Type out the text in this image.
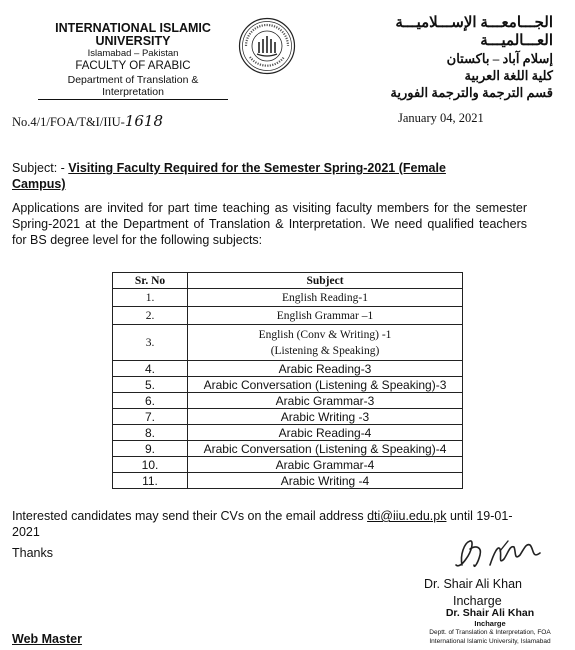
INTERNATIONAL ISLAMIC UNIVERSITY
Islamabad – Pakistan
FACULTY OF ARABIC
Department of Translation & Interpretation
الجـــامعـــة الإســـلاميـــة العـــالميـــة
إسلام آباد – باكستان
كلية اللغة العربية
قسم الترجمة والترجمة الفورية
No.4/1/FOA/T&I/IIU-1618	January 04, 2021
Subject: - Visiting Faculty Required for the Semester Spring-2021 (Female Campus)
Applications are invited for part time teaching as visiting faculty members for the semester Spring-2021 at the Department of Translation & Interpretation. We need qualified teachers for BS degree level for the following subjects:
Sr. No	Subject
1.	English Reading-1
2.	English Grammar –1
3.	English (Conv & Writing) -1
(Listening & Speaking)

4.	Arabic Reading-3
5.	Arabic Conversation (Listening & Speaking)-3
6.	Arabic Grammar-3
7.	Arabic Writing -3
8.	Arabic Reading-4
9.	Arabic Conversation (Listening & Speaking)-4
10.	Arabic Grammar-4
11.	Arabic Writing -4
Interested candidates may send their CVs on the email address dti@iiu.edu.pk until 19-01-2021
Thanks
Dr. Shair Ali Khan
Incharge
Dr. Shair Ali Khan
Incharge
Deptt. of Translation & Interpretation, FOA
International Islamic University, Islamabad
Web Master
